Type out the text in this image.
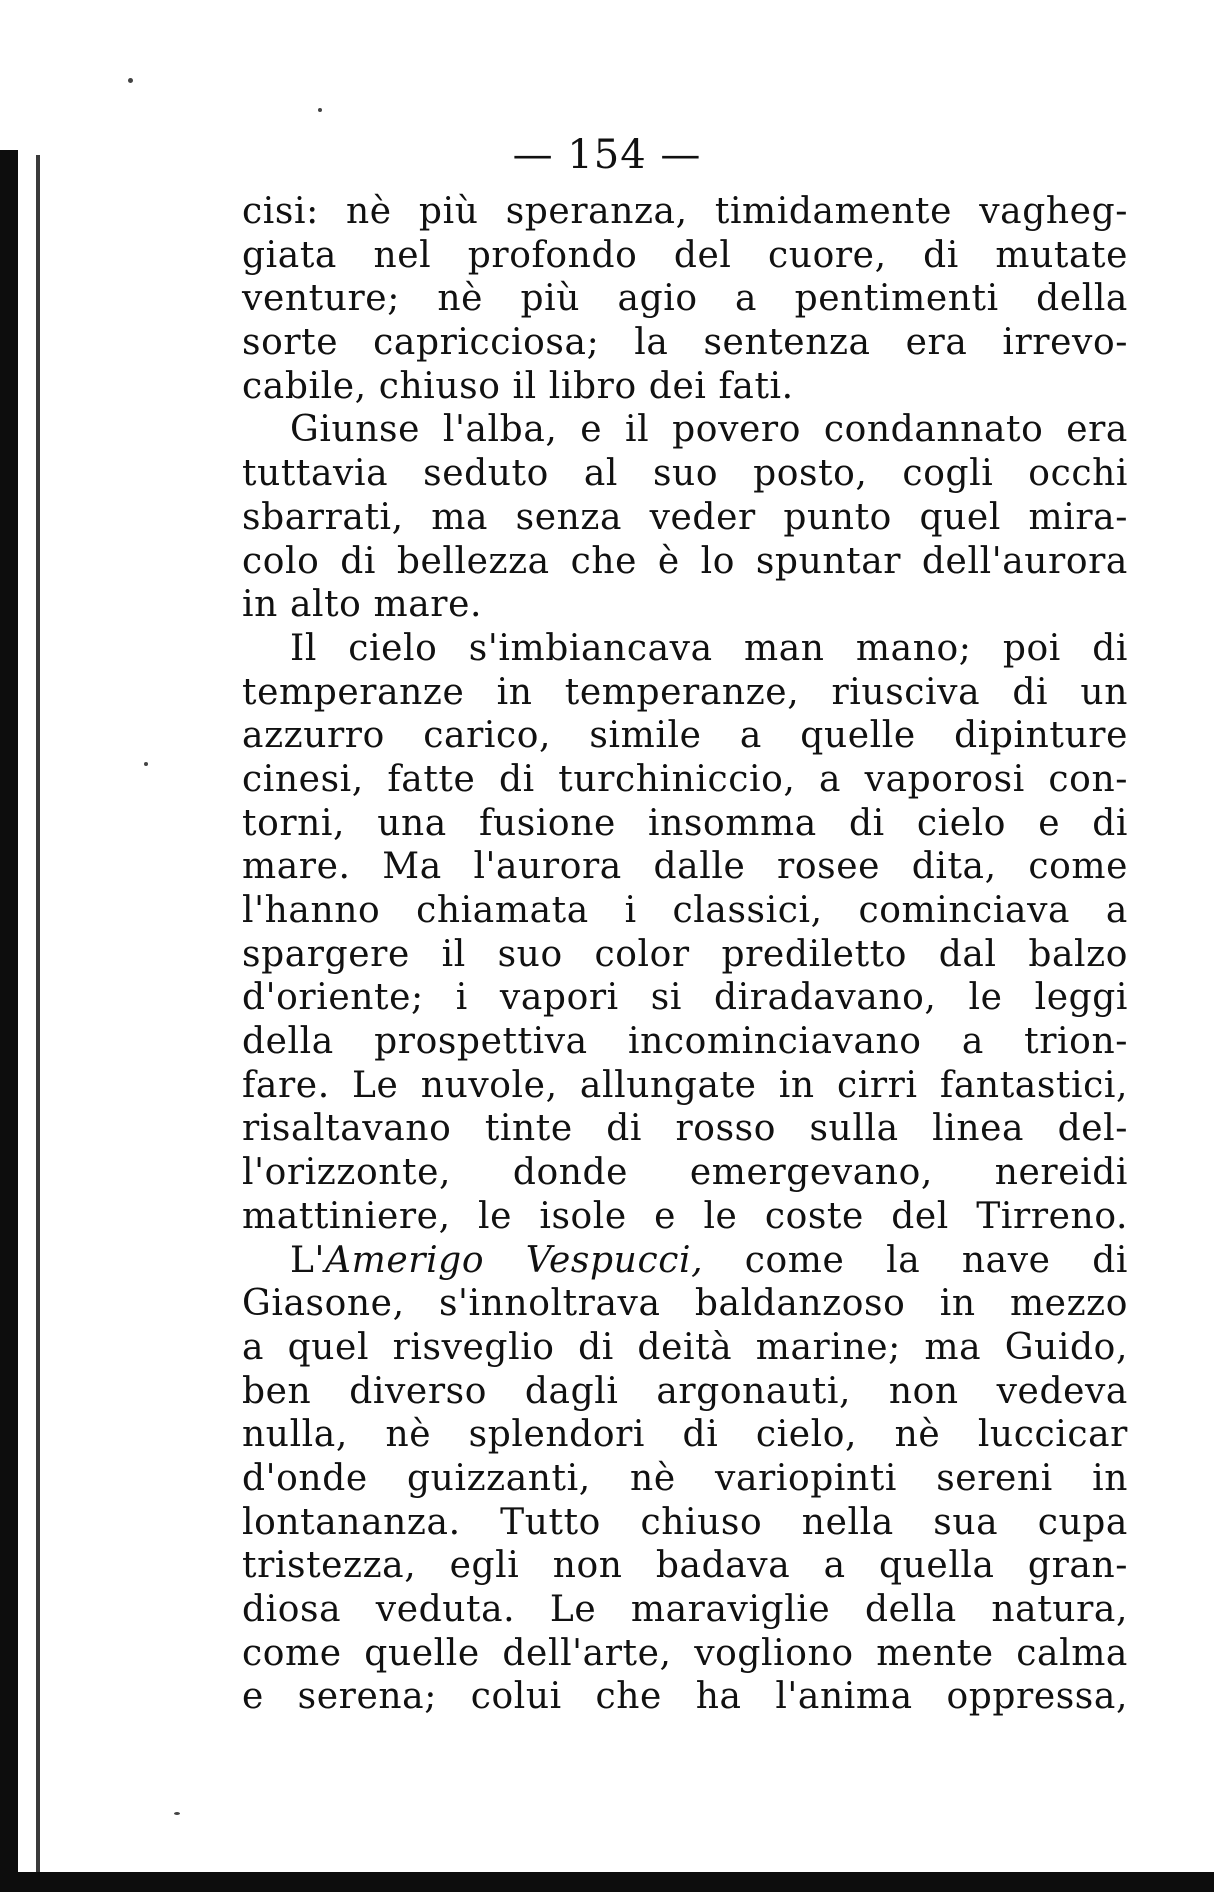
— 154 —
cisi: nè più speranza, timidamente vagheg-
giata nel profondo del cuore, di mutate
venture; nè più agio a pentimenti della
sorte capricciosa; la sentenza era irrevo-
cabile, chiuso il libro dei fati.
Giunse l'alba, e il povero condannato era
tuttavia seduto al suo posto, cogli occhi
sbarrati, ma senza veder punto quel mira-
colo di bellezza che è lo spuntar dell'aurora
in alto mare.
Il cielo s'imbiancava man mano; poi di
temperanze in temperanze, riusciva di un
azzurro carico, simile a quelle dipinture
cinesi, fatte di turchiniccio, a vaporosi con-
torni, una fusione insomma di cielo e di
mare. Ma l'aurora dalle rosee dita, come
l'hanno chiamata i classici, cominciava a
spargere il suo color prediletto dal balzo
d'oriente; i vapori si diradavano, le leggi
della prospettiva incominciavano a trion-
fare. Le nuvole, allungate in cirri fantastici,
risaltavano tinte di rosso sulla linea del-
l'orizzonte, donde emergevano, nereidi
mattiniere, le isole e le coste del Tirreno.
L'Amerigo Vespucci, come la nave di
Giasone, s'innoltrava baldanzoso in mezzo
a quel risveglio di deità marine; ma Guido,
ben diverso dagli argonauti, non vedeva
nulla, nè splendori di cielo, nè luccicar
d'onde guizzanti, nè variopinti sereni in
lontananza. Tutto chiuso nella sua cupa
tristezza, egli non badava a quella gran-
diosa veduta. Le maraviglie della natura,
come quelle dell'arte, vogliono mente calma
e serena; colui che ha l'anima oppressa,
